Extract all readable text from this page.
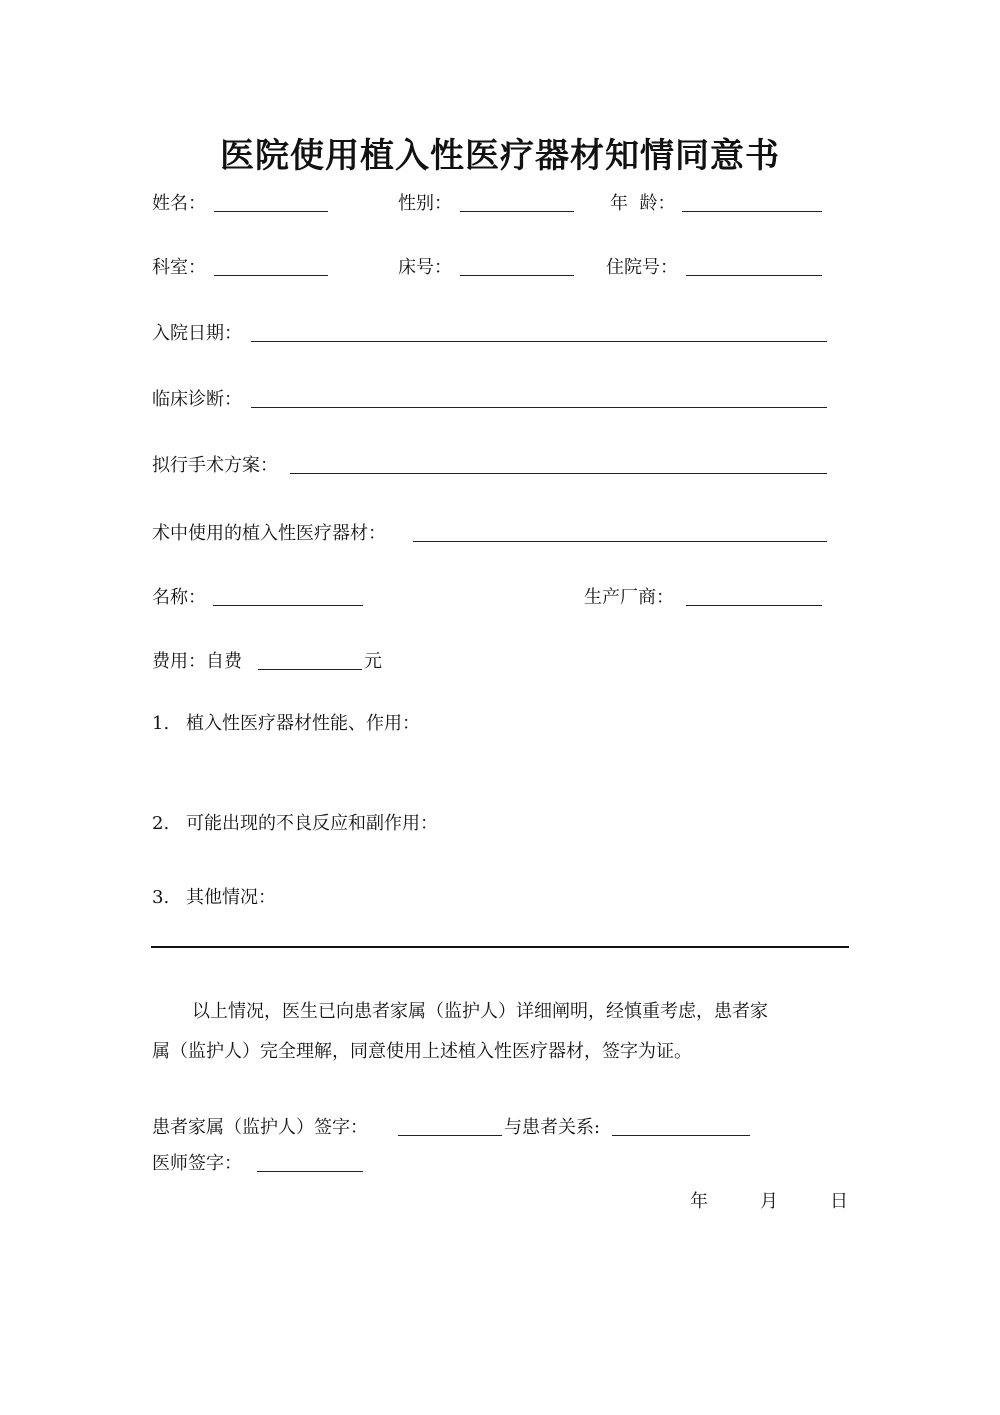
医院使用植入性医疗器材知情同意书
姓名：	性别：	年  龄：
科室：	床号：	住院号：
入院日期：
临床诊断：
拟行手术方案：
术中使用的植入性医疗器材：
名称：	生产厂商：
费用：自费	元
1. 植入性医疗器材性能、作用：
2. 可能出现的不良反应和副作用：
3. 其他情况：
以上情况，医生已向患者家属（监护人）详细阐明，经慎重考虑，患者家
属（监护人）完全理解，同意使用上述植入性医疗器材，签字为证。
患者家属（监护人）签字：	与患者关系:
医师签字：
年	月	日
